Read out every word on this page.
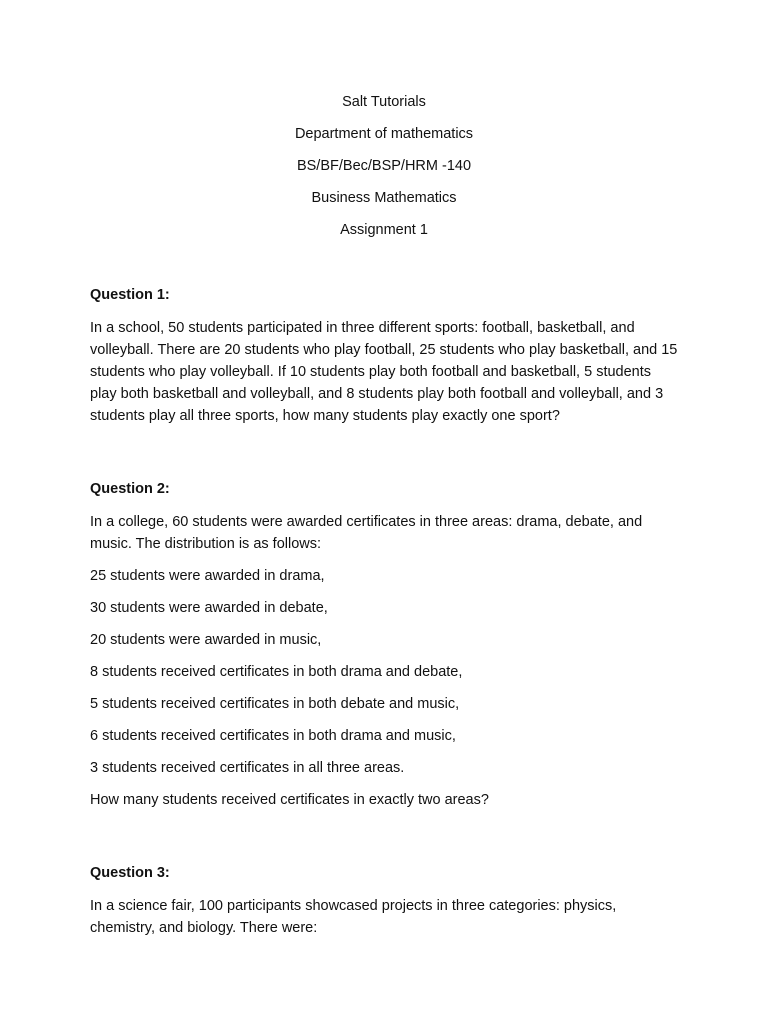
Salt Tutorials
Department of mathematics
BS/BF/Bec/BSP/HRM -140
Business Mathematics
Assignment 1
Question 1:
In a school, 50 students participated in three different sports: football, basketball, and volleyball. There are 20 students who play football, 25 students who play basketball, and 15 students who play volleyball. If 10 students play both football and basketball, 5 students play both basketball and volleyball, and 8 students play both football and volleyball, and 3 students play all three sports, how many students play exactly one sport?
Question 2:
In a college, 60 students were awarded certificates in three areas: drama, debate, and music. The distribution is as follows:
25 students were awarded in drama,
30 students were awarded in debate,
20 students were awarded in music,
8 students received certificates in both drama and debate,
5 students received certificates in both debate and music,
6 students received certificates in both drama and music,
3 students received certificates in all three areas.
How many students received certificates in exactly two areas?
Question 3:
In a science fair, 100 participants showcased projects in three categories: physics, chemistry, and biology. There were:
